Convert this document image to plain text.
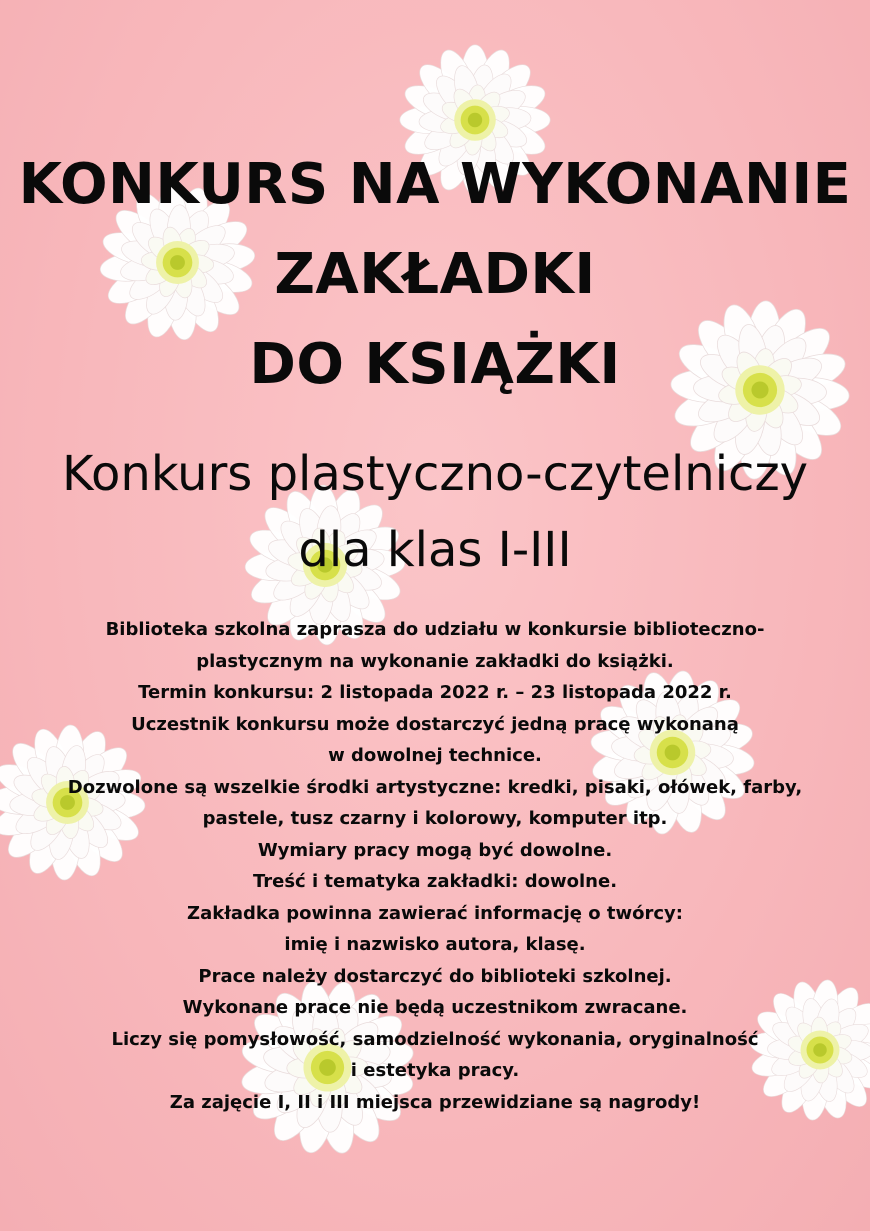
KONKURS NA WYKONANIE
ZAKŁADKI
DO KSIĄŻKI
Konkurs plastyczno-czytelniczy
dla klas I-III
Biblioteka szkolna zaprasza do udziału w konkursie biblioteczno-
plastycznym na wykonanie zakładki do książki.
Termin konkursu: 2 listopada 2022 r. – 23 listopada 2022 r.
Uczestnik konkursu może dostarczyć jedną pracę wykonaną
w dowolnej technice.
Dozwolone są wszelkie środki artystyczne: kredki, pisaki, ołówek, farby,
pastele, tusz czarny i kolorowy, komputer itp.
Wymiary pracy mogą być dowolne.
Treść i tematyka zakładki: dowolne.
Zakładka powinna zawierać informację o twórcy:
imię i nazwisko autora, klasę.
Prace należy dostarczyć do biblioteki szkolnej.
Wykonane prace nie będą uczestnikom zwracane.
Liczy się pomysłowość, samodzielność wykonania, oryginalność
i estetyka pracy.
Za zajęcie I, II i III miejsca przewidziane są nagrody!
